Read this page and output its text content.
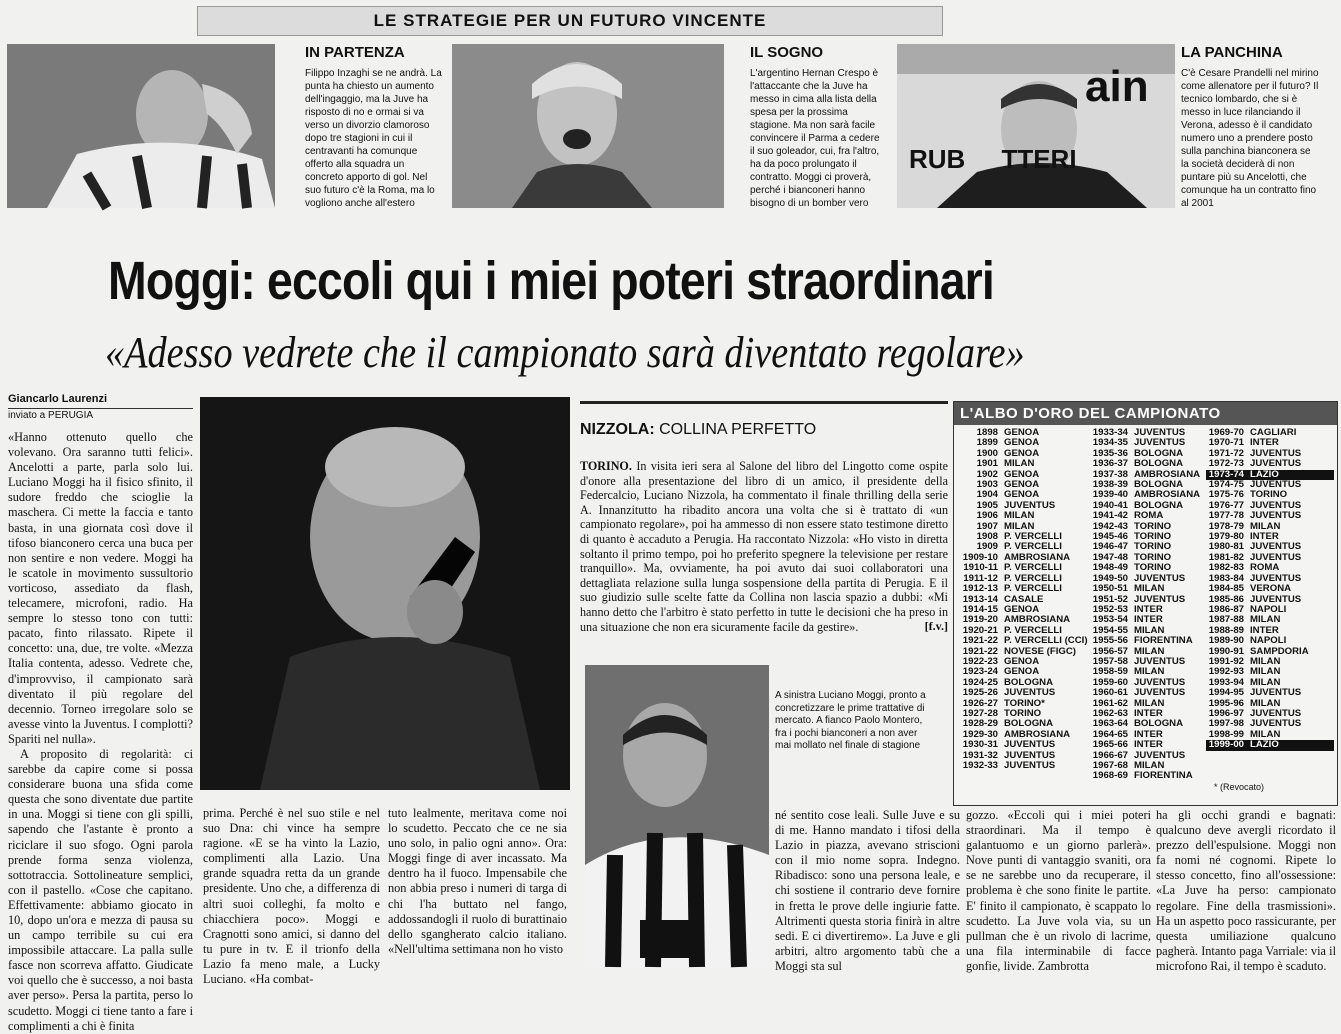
LE STRATEGIE PER UN FUTURO VINCENTE
ain
RUB     TTERI
IN PARTENZA
Filippo Inzaghi se ne andrà. La punta ha chiesto un aumento dell'ingaggio, ma la Juve ha risposto di no e ormai si va verso un divorzio clamoroso dopo tre stagioni in cui il centravanti ha comunque offerto alla squadra un concreto apporto di gol. Nel suo futuro c'è la Roma, ma lo vogliono anche all'estero
IL SOGNO
L'argentino Hernan Crespo è l'attaccante che la Juve ha messo in cima alla lista della spesa per la prossima stagione. Ma non sarà facile convincere il Parma a cedere il suo goleador, cui, fra l'altro, ha da poco prolungato il contratto. Moggi ci proverà, perché i bianconeri hanno bisogno di un bomber vero
LA PANCHINA
C'è Cesare Prandelli nel mirino come allenatore per il futuro? Il tecnico lombardo, che si è messo in luce rilanciando il Verona, adesso è il candidato numero uno a prendere posto sulla panchina bianconera se la società deciderà di non puntare più su Ancelotti, che comunque ha un contratto fino al 2001
Moggi: eccoli qui i miei poteri straordinari
«Adesso vedrete che il campionato sarà diventato regolare»
Giancarlo Laurenzi
inviato a PERUGIA

«Hanno ottenuto quello che volevano. Ora saranno tutti felici». Ancelotti a parte, parla solo lui. Luciano Moggi ha il fisico sfinito, il sudore freddo che scioglie la maschera. Ci mette la faccia e tanto basta, in una giornata così dove il tifoso bianconero cerca una buca per non sentire e non vedere. Moggi ha le scatole in movimento sussultorio vorticoso, assediato da flash, telecamere, microfoni, radio. Ha sempre lo stesso tono con tutti: pacato, finto rilassato. Ripete il concetto: una, due, tre volte. «Mezza Italia contenta, adesso. Vedrete che, d'improvviso, il campionato sarà diventato il più regolare del decennio. Torneo irregolare solo se avesse vinto la Juventus. I complotti? Spariti nel nulla».

A proposito di regolarità: ci sarebbe da capire come si possa considerare buona una sfida come questa che sono diventate due partite in una. Moggi si tiene con gli spilli, sapendo che l'astante è pronto a riciclare il suo sfogo. Ogni parola prende forma senza violenza, sottotraccia. Sottolineature semplici, con il pastello. «Cose che capitano. Effettivamente: abbiamo giocato in 10, dopo un'ora e mezza di pausa su un campo terribile su cui era impossibile attaccare. La palla sulle fasce non scorreva affatto. Giudicate voi quello che è successo, a noi basta aver perso». Persa la partita, perso lo scudetto. Moggi ci tiene tanto a fare i complimenti a chi è finita

prima. Perché è nel suo stile e nel suo Dna: chi vince ha sempre ragione. «E se ha vinto la Lazio, complimenti alla Lazio. Una grande squadra retta da un grande presidente. Uno che, a differenza di altri suoi colleghi, fa molto e chiacchiera poco». Moggi e Cragnotti sono amici, si danno del tu pure in tv. E il trionfo della Lazio fa meno male, a Lucky Luciano. «Ha combat-
tuto lealmente, meritava come noi lo scudetto. Peccato che ce ne sia uno solo, in palio ogni anno». Ora: Moggi finge di aver incassato. Ma dentro ha il fuoco. Impensabile che non abbia preso i numeri di targa di chi l'ha buttato nel fango, addossandogli il ruolo di burattinaio dello sgangherato calcio italiano. «Nell'ultima settimana non ho visto
NIZZOLA: COLLINA PERFETTO
TORINO. In visita ieri sera al Salone del libro del Lingotto come ospite d'onore alla presentazione del libro di un amico, il presidente della Federcalcio, Luciano Nizzola, ha commentato il finale thrilling della serie A. Innanzitutto ha ribadito ancora una volta che si è trattato di «un campionato regolare», poi ha ammesso di non essere stato testimone diretto di quanto è accaduto a Perugia. Ha raccontato Nizzola: «Ho visto in diretta soltanto il primo tempo, poi ho preferito spegnere la televisione per restare tranquillo». Ma, ovviamente, ha poi avuto dai suoi collaboratori una dettagliata relazione sulla lunga sospensione della partita di Perugia. E il suo giudizio sulle scelte fatte da Collina non lascia spazio a dubbi: «Mi hanno detto che l'arbitro è stato perfetto in tutte le decisioni che ha preso in una situazione che non era sicuramente facile da gestire».	[f.v.]
A sinistra Luciano Moggi, pronto a concretizzare le prime trattative di mercato. A fianco Paolo Montero, fra i pochi bianconeri a non aver mai mollato nel finale di stagione
né sentito cose leali. Sulle Juve e su di me. Hanno mandato i tifosi della Lazio in piazza, avevano striscioni con il mio nome sopra. Indegno. Ribadisco: sono una persona leale, e chi sostiene il contrario deve fornire in fretta le prove delle ingiurie fatte. Altrimenti questa storia finirà in altre sedi. E ci divertiremo». La Juve e gli arbitri, altro argomento tabù che a Moggi sta sul
gozzo. «Eccoli qui i miei poteri straordinari. Ma il tempo è galantuomo e un giorno parlerà». Nove punti di vantaggio svaniti, ora se ne sarebbe uno da recuperare, il problema è che sono finite le partite. E' finito il campionato, è scappato lo scudetto. La Juve vola via, su un pullman che è un rivolo di lacrime, una fila interminabile di facce gonfie, livide. Zambrotta
ha gli occhi grandi e bagnati: qualcuno deve avergli ricordato il prezzo dell'espulsione. Moggi non fa nomi né cognomi. Ripete lo stesso concetto, fino all'ossessione: «La Juve ha perso: campionato regolare. Fine della trasmissioni». Ha un aspetto poco rassicurante, per questa umiliazione qualcuno pagherà. Intanto paga Varriale: via il microfono Rai, il tempo è scaduto.
L'ALBO D'ORO DEL CAMPIONATO
1898 GENOA
1899 GENOA
1900 GENOA
1901 MILAN
1902 GENOA
1903 GENOA
1904 GENOA
1905 JUVENTUS
1906 MILAN
1907 MILAN
1908 P. VERCELLI
1909 P. VERCELLI
1909-10 AMBROSIANA
1910-11 P. VERCELLI
1911-12 P. VERCELLI
1912-13 P. VERCELLI
1913-14 CASALE
1914-15 GENOA
1919-20 AMBROSIANA
1920-21 P. VERCELLI
1921-22 P. VERCELLI (CCI)
1921-22 NOVESE (FIGC)
1922-23 GENOA
1923-24 GENOA
1924-25 BOLOGNA
1925-26 JUVENTUS
1926-27 TORINO*
1927-28 TORINO
1928-29 BOLOGNA
1929-30 AMBROSIANA
1930-31 JUVENTUS
1931-32 JUVENTUS
1932-33 JUVENTUS
1933-34 JUVENTUS
1934-35 JUVENTUS
1935-36 BOLOGNA
1936-37 BOLOGNA
1937-38 AMBROSIANA
1938-39 BOLOGNA
1939-40 AMBROSIANA
1940-41 BOLOGNA
1941-42 ROMA
1942-43 TORINO
1945-46 TORINO
1946-47 TORINO
1947-48 TORINO
1948-49 TORINO
1949-50 JUVENTUS
1950-51 MILAN
1951-52 JUVENTUS
1952-53 INTER
1953-54 INTER
1954-55 MILAN
1955-56 FIORENTINA
1956-57 MILAN
1957-58 JUVENTUS
1958-59 MILAN
1959-60 JUVENTUS
1960-61 JUVENTUS
1961-62 MILAN
1962-63 INTER
1963-64 BOLOGNA
1964-65 INTER
1965-66 INTER
1966-67 JUVENTUS
1967-68 MILAN
1968-69 FIORENTINA
1969-70 CAGLIARI
1970-71 INTER
1971-72 JUVENTUS
1972-73 JUVENTUS
1973-74 LAZIO
1974-75 JUVENTUS
1975-76 TORINO
1976-77 JUVENTUS
1977-78 JUVENTUS
1978-79 MILAN
1979-80 INTER
1980-81 JUVENTUS
1981-82 JUVENTUS
1982-83 ROMA
1983-84 JUVENTUS
1984-85 VERONA
1985-86 JUVENTUS
1986-87 NAPOLI
1987-88 MILAN
1988-89 INTER
1989-90 NAPOLI
1990-91 SAMPDORIA
1991-92 MILAN
1992-93 MILAN
1993-94 MILAN
1994-95 JUVENTUS
1995-96 MILAN
1996-97 JUVENTUS
1997-98 JUVENTUS
1998-99 MILAN
1999-00 LAZIO
* (Revocato)
